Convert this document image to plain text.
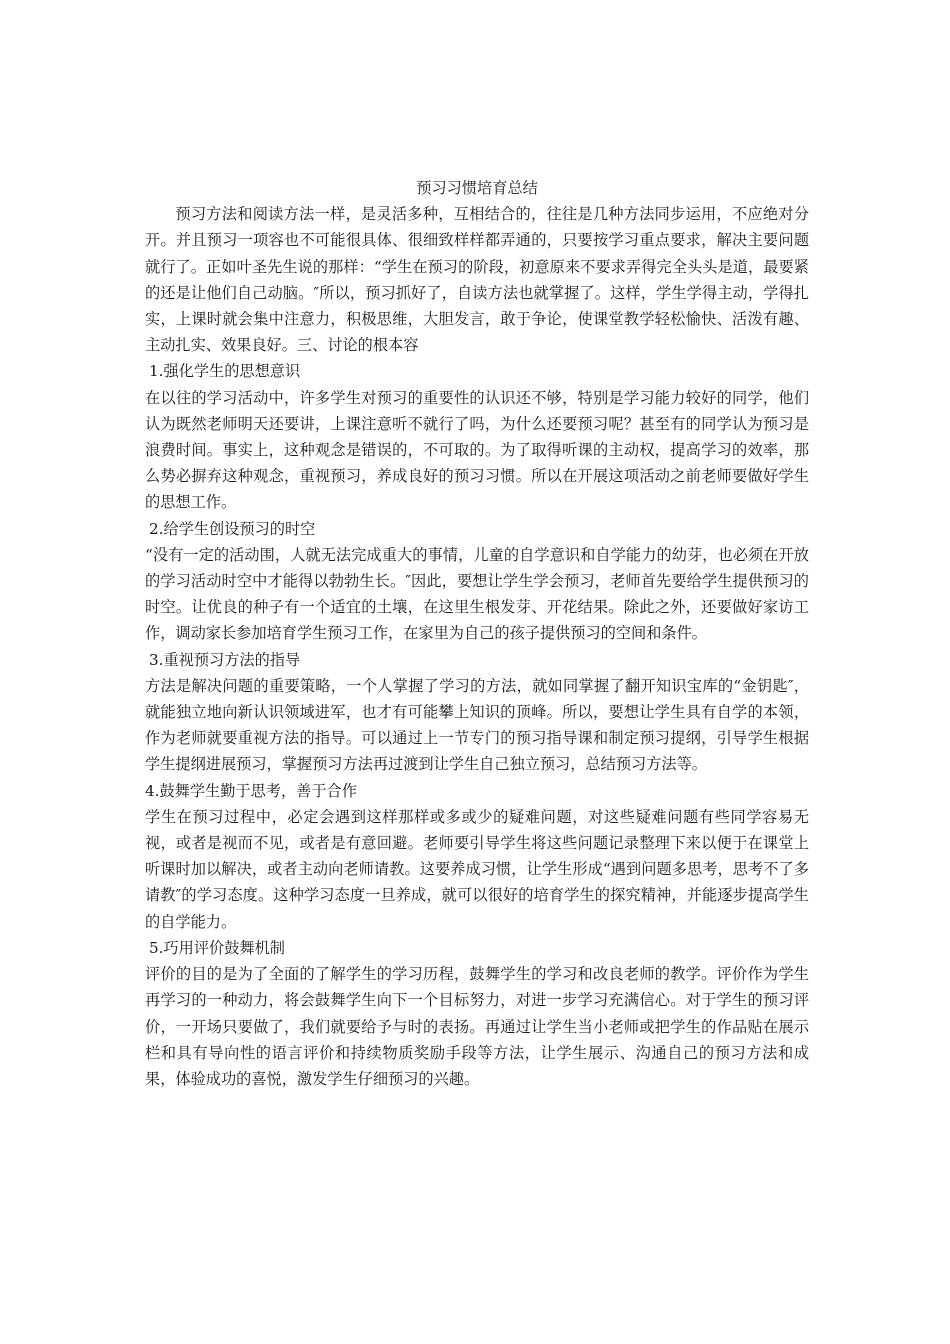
预习习惯培育总结

预习方法和阅读方法一样，是灵活多种，互相结合的，往往是几种方法同步运用，不应绝对分开。并且预习一项容也不可能很具体、很细致样样都弄通的，只要按学习重点要求，解决主要问题就行了。正如叶圣先生说的那样：“学生在预习的阶段，初意原来不要求弄得完全头头是道，最要紧的还是让他们自己动脑。″所以，预习抓好了，自读方法也就掌握了。这样，学生学得主动，学得扎实，上课时就会集中注意力，积极思维，大胆发言，敢于争论，使课堂教学轻松愉快、活泼有趣、主动扎实、效果良好。三、讨论的根本容

1.强化学生的思想意识

在以往的学习活动中，许多学生对预习的重要性的认识还不够，特别是学习能力较好的同学，他们认为既然老师明天还要讲，上课注意听不就行了吗，为什么还要预习呢？甚至有的同学认为预习是浪费时间。事实上，这种观念是错误的，不可取的。为了取得听课的主动权，提高学习的效率，那么势必摒弃这种观念，重视预习，养成良好的预习习惯。所以在开展这项活动之前老师要做好学生的思想工作。

2.给学生创设预习的时空

“没有一定的活动围，人就无法完成重大的事情，儿童的自学意识和自学能力的幼芽，也必须在开放的学习活动时空中才能得以勃勃生长。″因此，要想让学生学会预习，老师首先要给学生提供预习的时空。让优良的种子有一个适宜的土壤，在这里生根发芽、开花结果。除此之外，还要做好家访工作，调动家长参加培育学生预习工作，在家里为自己的孩子提供预习的空间和条件。

3.重视预习方法的指导

方法是解决问题的重要策略，一个人掌握了学习的方法，就如同掌握了翻开知识宝库的“金钥匙″，就能独立地向新认识领域进军，也才有可能攀上知识的顶峰。所以，要想让学生具有自学的本领，作为老师就要重视方法的指导。可以通过上一节专门的预习指导课和制定预习提纲，引导学生根据学生提纲进展预习，掌握预习方法再过渡到让学生自己独立预习，总结预习方法等。

4.鼓舞学生勤于思考，善于合作

学生在预习过程中，必定会遇到这样那样或多或少的疑难问题，对这些疑难问题有些同学容易无视，或者是视而不见，或者是有意回避。老师要引导学生将这些问题记录整理下来以便于在课堂上听课时加以解决，或者主动向老师请教。这要养成习惯，让学生形成“遇到问题多思考，思考不了多请教″的学习态度。这种学习态度一旦养成，就可以很好的培育学生的探究精神，并能逐步提高学生的自学能力。

5.巧用评价鼓舞机制

评价的目的是为了全面的了解学生的学习历程，鼓舞学生的学习和改良老师的教学。评价作为学生再学习的一种动力，将会鼓舞学生向下一个目标努力，对进一步学习充满信心。对于学生的预习评价，一开场只要做了，我们就要给予与时的表扬。再通过让学生当小老师或把学生的作品贴在展示栏和具有导向性的语言评价和持续物质奖励手段等方法，让学生展示、沟通自己的预习方法和成果，体验成功的喜悦，激发学生仔细预习的兴趣。
